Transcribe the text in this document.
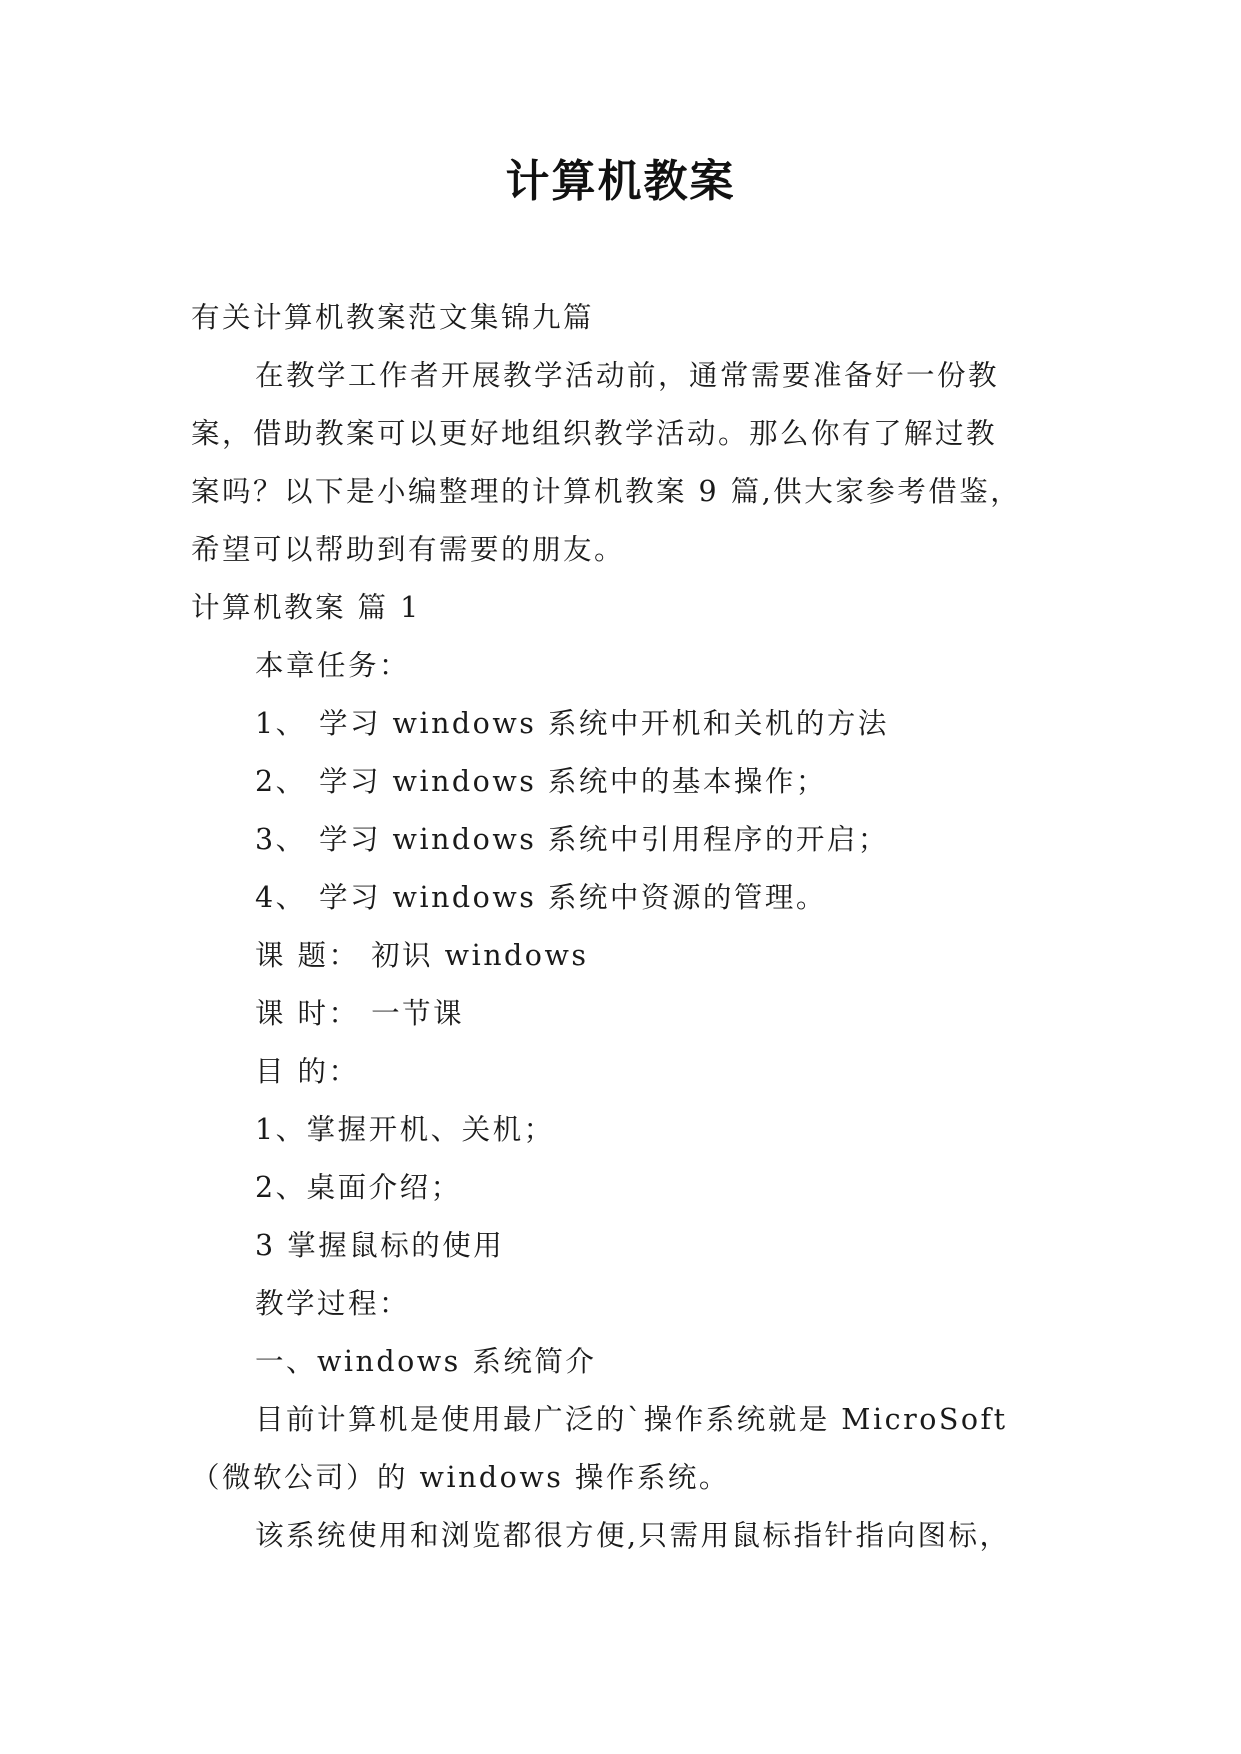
计算机教案
有关计算机教案范文集锦九篇
在教学工作者开展教学活动前，通常需要准备好一份教
案，借助教案可以更好地组织教学活动。那么你有了解过教
案吗？以下是小编整理的计算机教案 9 篇,供大家参考借鉴，
希望可以帮助到有需要的朋友。
计算机教案 篇 1
本章任务：
1、 学习 windows 系统中开机和关机的方法
2、 学习 windows 系统中的基本操作；
3、 学习 windows 系统中引用程序的开启；
4、 学习 windows 系统中资源的管理。
课 题： 初识 windows
课 时： 一节课
目 的：
1、掌握开机、关机；
2、桌面介绍；
3 掌握鼠标的使用
教学过程：
一、windows 系统简介
目前计算机是使用最广泛的`操作系统就是 MicroSoft
（微软公司）的 windows 操作系统。
该系统使用和浏览都很方便,只需用鼠标指针指向图标，
